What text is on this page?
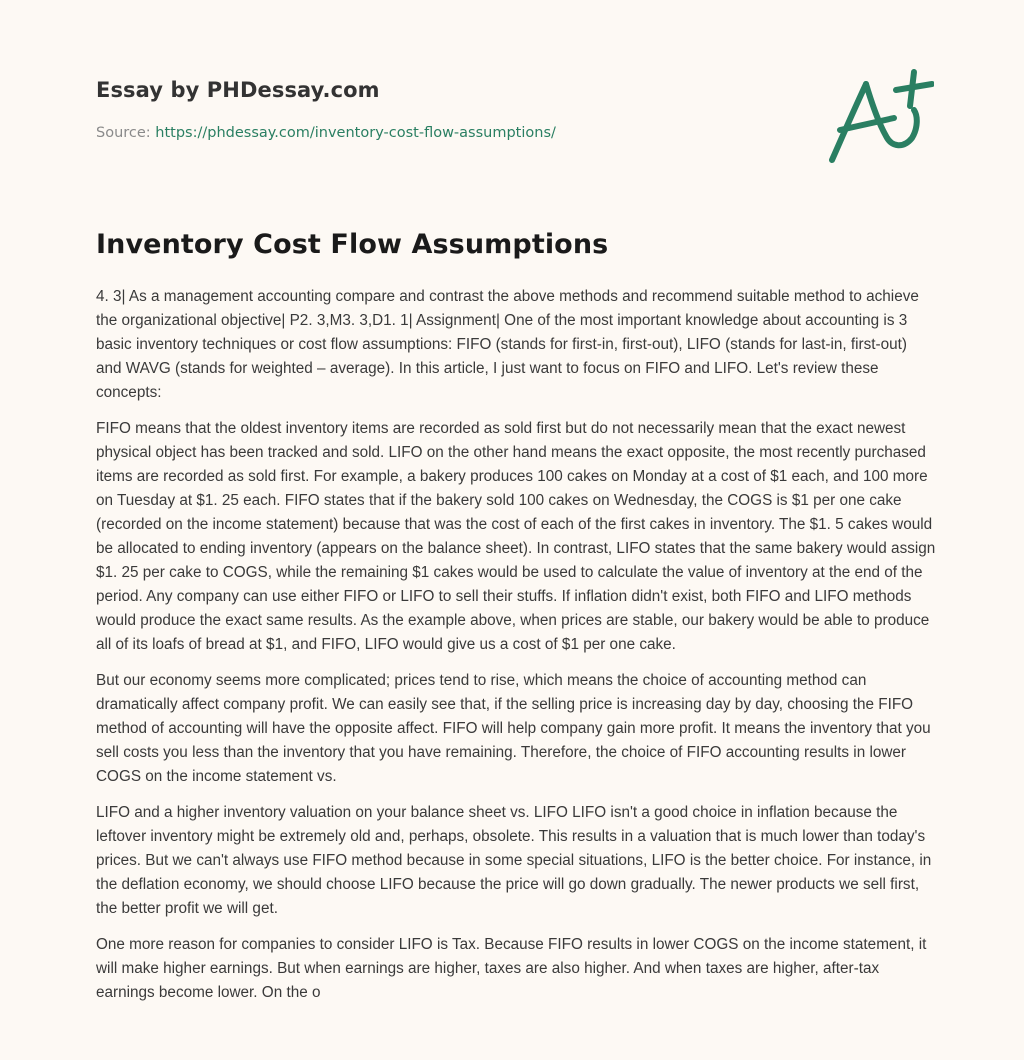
Essay by PHDessay.com
Source: https://phdessay.com/inventory-cost-flow-assumptions/
Inventory Cost Flow Assumptions

4. 3| As a management accounting compare and contrast the above methods and recommend suitable method to achieve the organizational objective| P2. 3,M3. 3,D1. 1| Assignment| One of the most important knowledge about accounting is 3 basic inventory techniques or cost flow assumptions: FIFO (stands for first-in, first-out), LIFO (stands for last-in, first-out) and WAVG (stands for weighted – average). In this article, I just want to focus on FIFO and LIFO. Let's review these concepts:

FIFO means that the oldest inventory items are recorded as sold first but do not necessarily mean that the exact newest physical object has been tracked and sold. LIFO on the other hand means the exact opposite, the most recently purchased items are recorded as sold first. For example, a bakery produces 100 cakes on Monday at a cost of $1 each, and 100 more on Tuesday at $1. 25 each. FIFO states that if the bakery sold 100 cakes on Wednesday, the COGS is $1 per one cake (recorded on the income statement) because that was the cost of each of the first cakes in inventory. The $1. 5 cakes would be allocated to ending inventory (appears on the balance sheet). In contrast, LIFO states that the same bakery would assign $1. 25 per cake to COGS, while the remaining $1 cakes would be used to calculate the value of inventory at the end of the period. Any company can use either FIFO or LIFO to sell their stuffs. If inflation didn't exist, both FIFO and LIFO methods would produce the exact same results. As the example above, when prices are stable, our bakery would be able to produce all of its loafs of bread at $1, and FIFO, LIFO would give us a cost of $1 per one cake.

But our economy seems more complicated; prices tend to rise, which means the choice of accounting method can dramatically affect company profit. We can easily see that, if the selling price is increasing day by day, choosing the FIFO method of accounting will have the opposite affect. FIFO will help company gain more profit. It means the inventory that you sell costs you less than the inventory that you have remaining. Therefore, the choice of FIFO accounting results in lower COGS on the income statement vs.

LIFO and a higher inventory valuation on your balance sheet vs. LIFO LIFO isn't a good choice in inflation because the leftover inventory might be extremely old and, perhaps, obsolete. This results in a valuation that is much lower than today's prices. But we can't always use FIFO method because in some special situations, LIFO is the better choice. For instance, in the deflation economy, we should choose LIFO because the price will go down gradually. The newer products we sell first, the better profit we will get.

One more reason for companies to consider LIFO is Tax. Because FIFO results in lower COGS on the income statement, it will make higher earnings. But when earnings are higher, taxes are also higher. And when taxes are higher, after-tax earnings become lower. On the o
